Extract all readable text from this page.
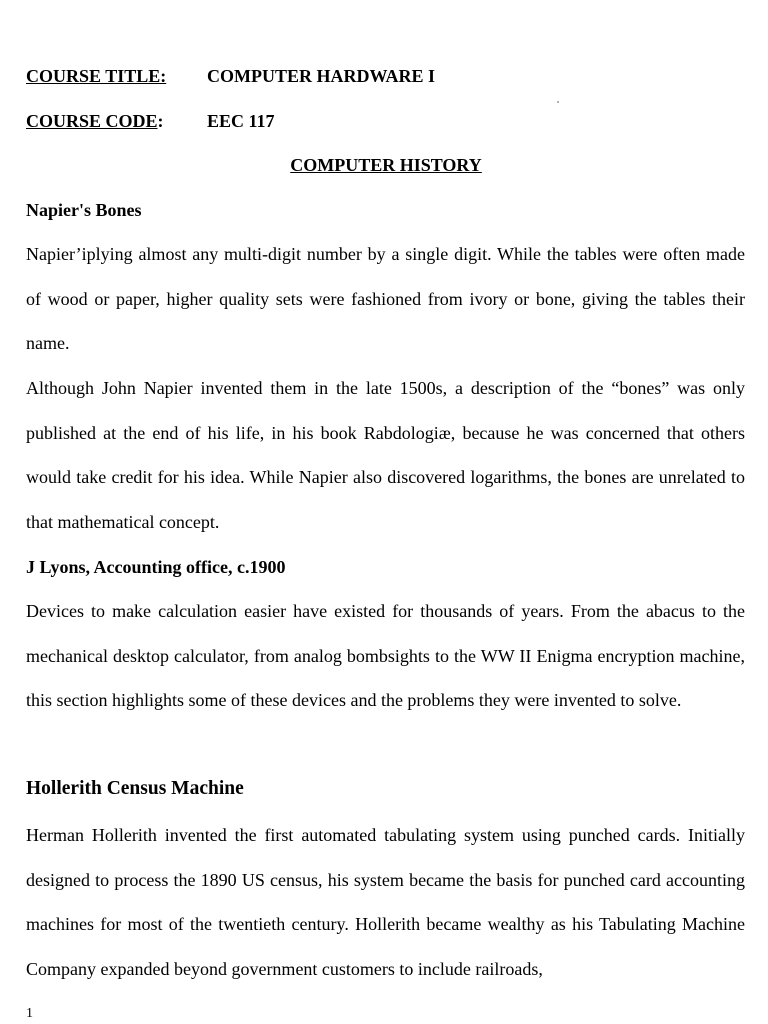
COURSE TITLE: COMPUTER HARDWARE I
COURSE CODE: EEC 117
COMPUTER HISTORY
Napier's Bones
Napier’iplying almost any multi-digit number by a single digit. While the tables were often made of wood or paper, higher quality sets were fashioned from ivory or bone, giving the tables their name.
Although John Napier invented them in the late 1500s, a description of the “bones” was only published at the end of his life, in his book Rabdologiæ, because he was concerned that others would take credit for his idea. While Napier also discovered logarithms, the bones are unrelated to that mathematical concept.
J Lyons, Accounting office, c.1900
Devices to make calculation easier have existed for thousands of years. From the abacus to the mechanical desktop calculator, from analog bombsights to the WW II Enigma encryption machine, this section highlights some of these devices and the problems they were invented to solve.
Hollerith Census Machine
Herman Hollerith invented the first automated tabulating system using punched cards. Initially designed to process the 1890 US census, his system became the basis for punched card accounting machines for most of the twentieth century. Hollerith became wealthy as his Tabulating Machine Company expanded beyond government customers to include railroads,
1
